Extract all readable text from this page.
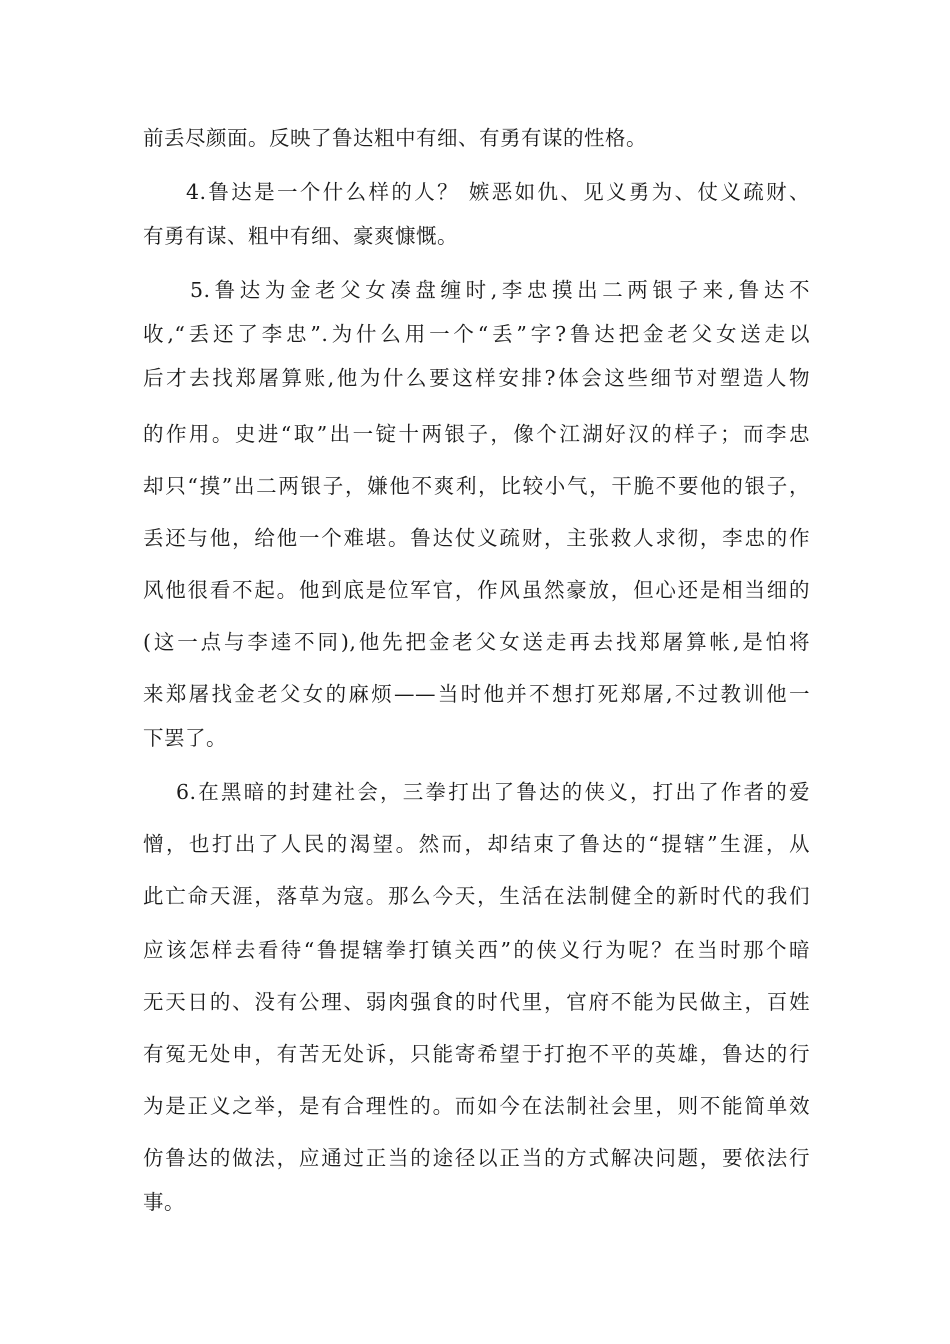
前丢尽颜面。反映了鲁达粗中有细、有勇有谋的性格。
4.鲁达是一个什么样的人？ 嫉恶如仇、见义勇为、仗义疏财、
有勇有谋、粗中有细、豪爽慷慨。
5.鲁达为金老父女凑盘缠时,李忠摸出二两银子来,鲁达不
收,“丢还了李忠”.为什么用一个“丢”字?鲁达把金老父女送走以
后才去找郑屠算账,他为什么要这样安排?体会这些细节对塑造人物
的作用。史进“取”出一锭十两银子，像个江湖好汉的样子；而李忠
却只“摸”出二两银子，嫌他不爽利，比较小气，干脆不要他的银子，
丢还与他，给他一个难堪。鲁达仗义疏财，主张救人求彻，李忠的作
风他很看不起。他到底是位军官，作风虽然豪放，但心还是相当细的
(这一点与李逵不同),他先把金老父女送走再去找郑屠算帐,是怕将
来郑屠找金老父女的麻烦——当时他并不想打死郑屠,不过教训他一
下罢了。
6.在黑暗的封建社会，三拳打出了鲁达的侠义，打出了作者的爱
憎，也打出了人民的渴望。然而，却结束了鲁达的“提辖”生涯，从
此亡命天涯，落草为寇。那么今天，生活在法制健全的新时代的我们
应该怎样去看待“鲁提辖拳打镇关西”的侠义行为呢？在当时那个暗
无天日的、没有公理、弱肉强食的时代里，官府不能为民做主，百姓
有冤无处申，有苦无处诉，只能寄希望于打抱不平的英雄，鲁达的行
为是正义之举，是有合理性的。而如今在法制社会里，则不能简单效
仿鲁达的做法，应通过正当的途径以正当的方式解决问题，要依法行
事。
